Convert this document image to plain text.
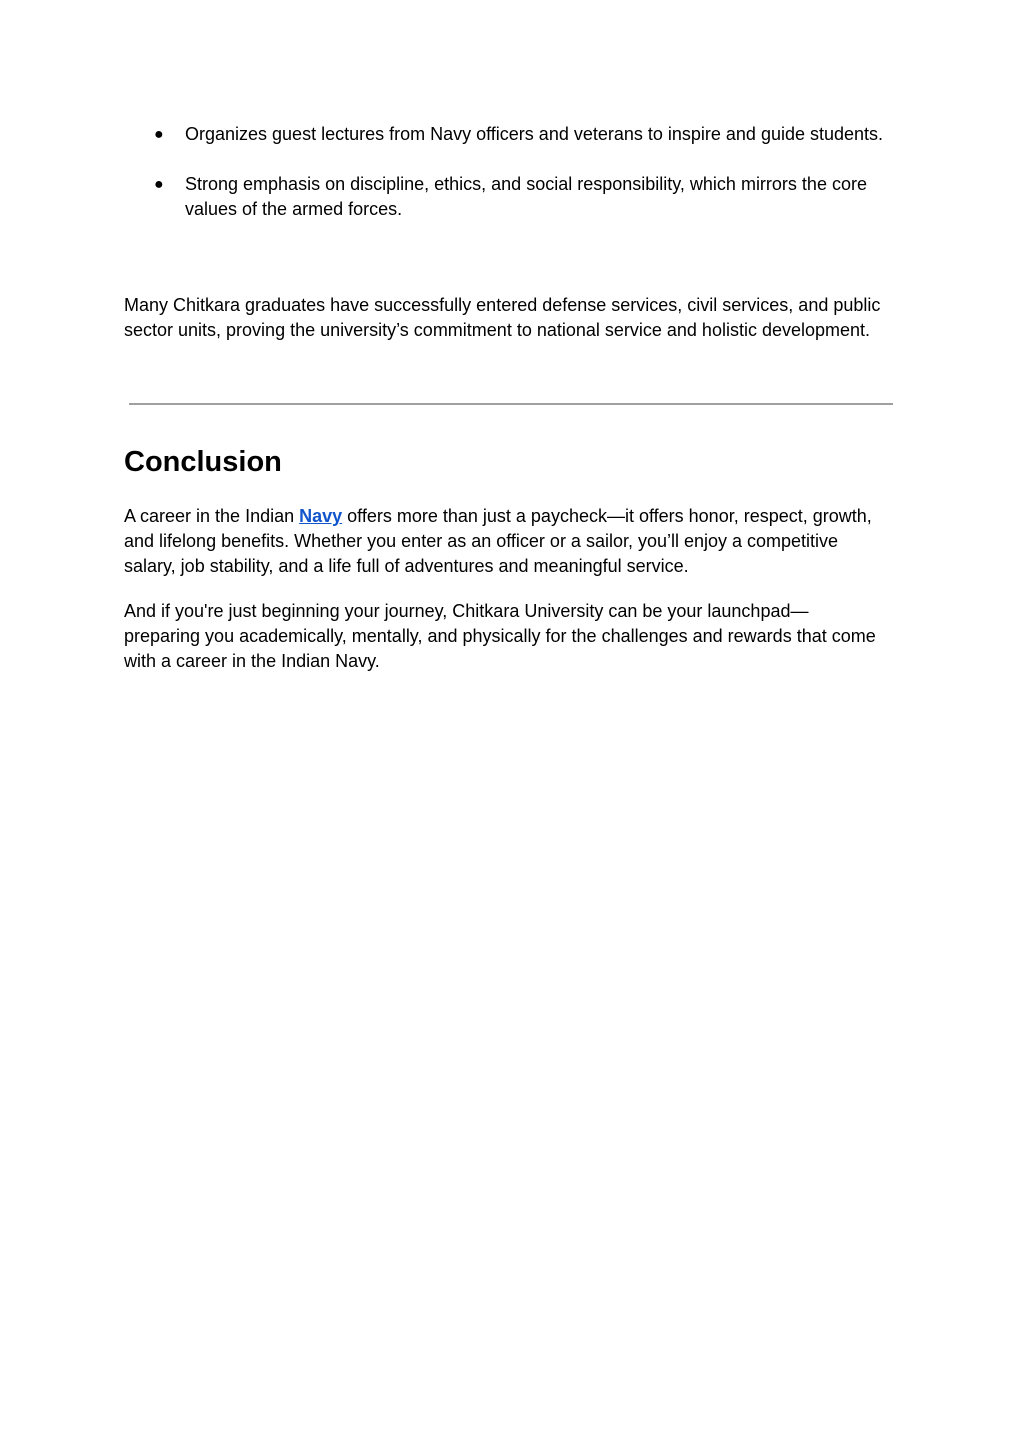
● Organizes guest lectures from Navy officers and veterans to inspire and guide students.
● Strong emphasis on discipline, ethics, and social responsibility, which mirrors the core values of the armed forces.

Many Chitkara graduates have successfully entered defense services, civil services, and public sector units, proving the university’s commitment to national service and holistic development.

Conclusion

A career in the Indian Navy offers more than just a paycheck—it offers honor, respect, growth, and lifelong benefits. Whether you enter as an officer or a sailor, you’ll enjoy a competitive salary, job stability, and a life full of adventures and meaningful service.

And if you're just beginning your journey, Chitkara University can be your launchpad—preparing you academically, mentally, and physically for the challenges and rewards that come with a career in the Indian Navy.
